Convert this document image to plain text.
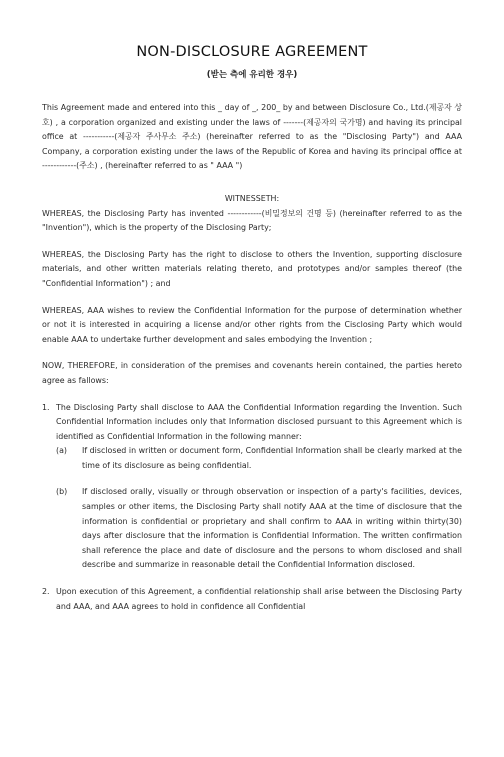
NON-DISCLOSURE AGREEMENT
(받는 측에 유리한 경우)

This Agreement made and entered into this _ day of _, 200_ by and between Disclosure Co., Ltd.(제공자 상호) , a corporation organized and existing under the laws of -------(제공자의 국가명) and having its principal office at -----------(제공자 주사무소 주소) (hereinafter referred to as the "Disclosing Party") and AAA Company, a corporation existing under the laws of the Republic of Korea and having its principal office at ------------(주소) , (hereinafter referred to as " AAA ")

WITNESSETH:

WHEREAS, the Disclosing Party has invented ------------(비밀정보의 건명 등) (hereinafter referred to as the "Invention"), which is the property of the Disclosing Party;

WHEREAS, the Disclosing Party has the right to disclose to others the Invention, supporting disclosure materials, and other written materials relating thereto, and prototypes and/or samples thereof (the "Confidential Information") ; and

WHEREAS, AAA wishes to review the Confidential Information for the purpose of determination whether or not it is interested in acquiring a license and/or other rights from the Cisclosing Party which would enable AAA to undertake further development and sales embodying the Invention ;

NOW, THEREFORE, in consideration of the premises and covenants herein contained, the parties hereto agree as fallows:

1. The Disclosing Party shall disclose to AAA the Confidential Information regarding the Invention. Such Confidential Information includes only that Information disclosed pursuant to this Agreement which is identified as Confidential Information in the following manner:
(a)	If disclosed in written or document form, Confidential Information shall be clearly marked at the time of its disclosure as being confidential.
(b)	If disclosed orally, visually or through observation or inspection of a party's facilities, devices, samples or other items, the Disclosing Party shall notify AAA at the time of disclosure that the information is confidential or proprietary and shall confirm to AAA in writing within thirty(30) days after disclosure that the information is Confidential Information. The written confirmation shall reference the place and date of disclosure and the persons to whom disclosed and shall describe and summarize in reasonable detail the Confidential Information disclosed.
2. Upon execution of this Agreement, a confidential relationship shall arise between the Disclosing Party and AAA, and AAA agrees to hold in confidence all Confidential
